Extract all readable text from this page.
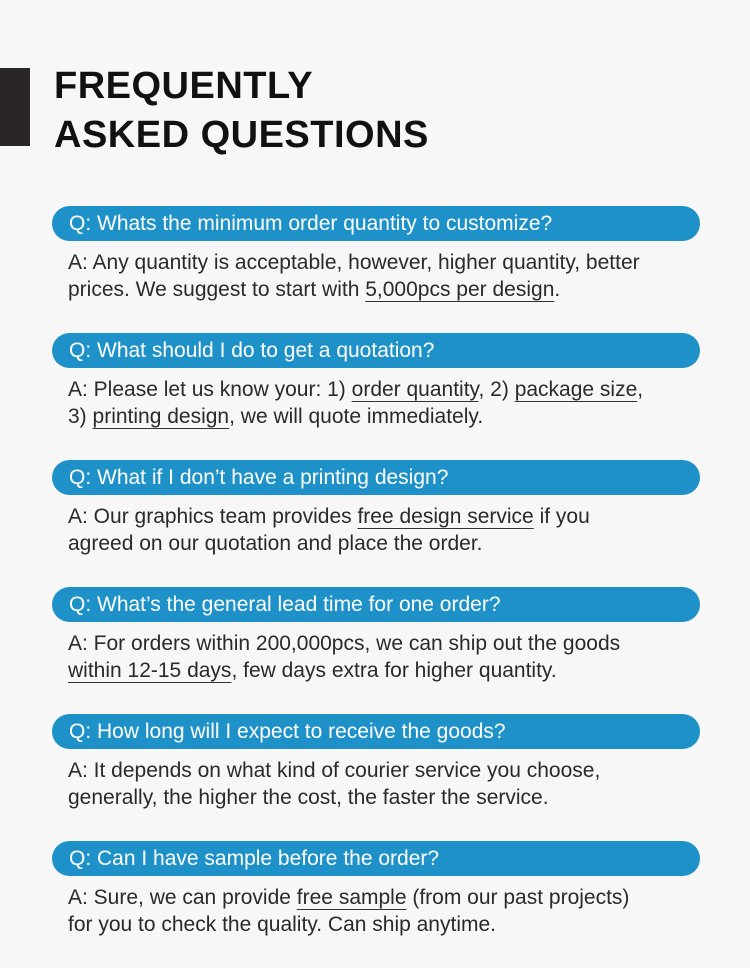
FREQUENTLY
ASKED QUESTIONS
Q: Whats the minimum order quantity to customize?
A: Any quantity is acceptable, however, higher quantity, better
prices. We suggest to start with 5,000pcs per design.
Q: What should I do to get a quotation?
A: Please let us know your: 1) order quantity, 2) package size,
3) printing design, we will quote immediately.
Q: What if I don’t have a printing design?
A: Our graphics team provides free design service if you
agreed on our quotation and place the order.
Q: What’s the general lead time for one order?
A: For orders within 200,000pcs, we can ship out the goods
within 12-15 days, few days extra for higher quantity.
Q: How long will I expect to receive the goods?
A: It depends on what kind of courier service you choose,
generally, the higher the cost, the faster the service.
Q: Can I have sample before the order?
A: Sure, we can provide free sample (from our past projects)
for you to check the quality. Can ship anytime.
